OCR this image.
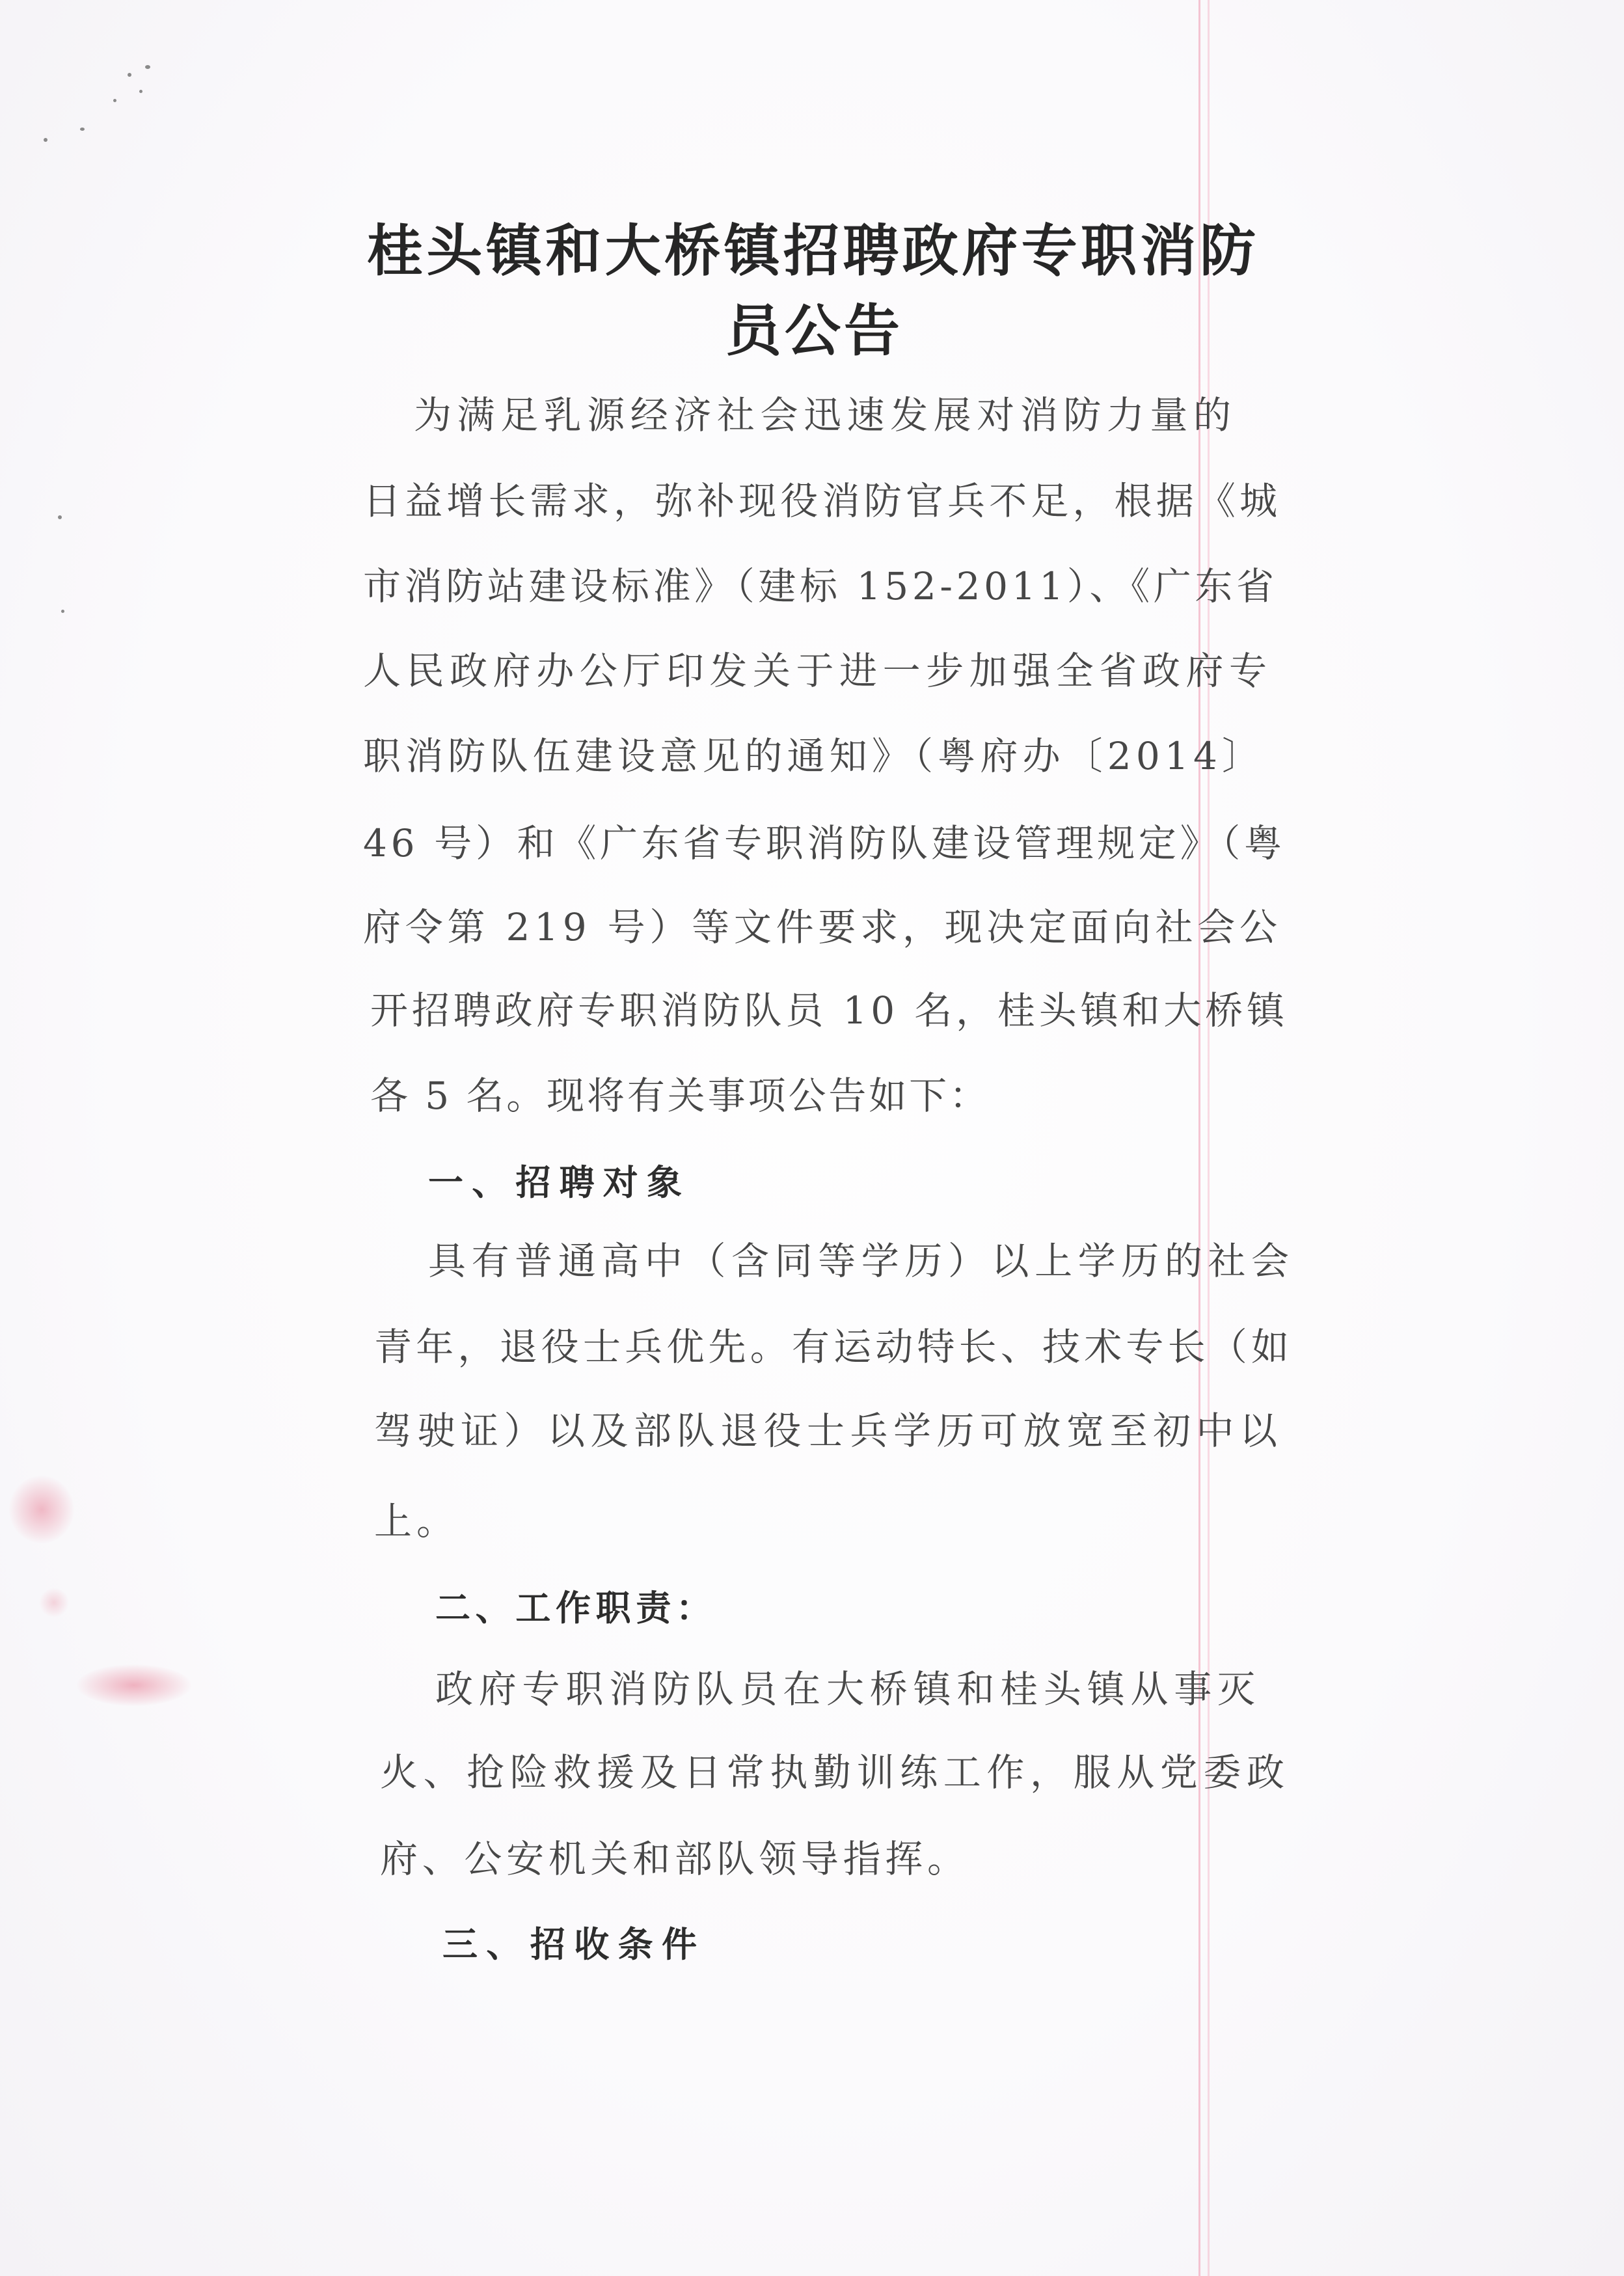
桂头镇和大桥镇招聘政府专职消防
员公告
为满足乳源经济社会迅速发展对消防力量的
日益增长需求，弥补现役消防官兵不足，根据《城
市消防站建设标准》（建标 152-2011）、《广东省
人民政府办公厅印发关于进一步加强全省政府专
职消防队伍建设意见的通知》（粤府办〔2014〕
46 号）和《广东省专职消防队建设管理规定》（粤
府令第 219 号）等文件要求，现决定面向社会公
开招聘政府专职消防队员 10 名，桂头镇和大桥镇
各 5 名。现将有关事项公告如下：
一、招聘对象
具有普通高中（含同等学历）以上学历的社会
青年，退役士兵优先。有运动特长、技术专长（如
驾驶证）以及部队退役士兵学历可放宽至初中以
上。
二、工作职责：
政府专职消防队员在大桥镇和桂头镇从事灭
火、抢险救援及日常执勤训练工作，服从党委政
府、公安机关和部队领导指挥。
三、招收条件
